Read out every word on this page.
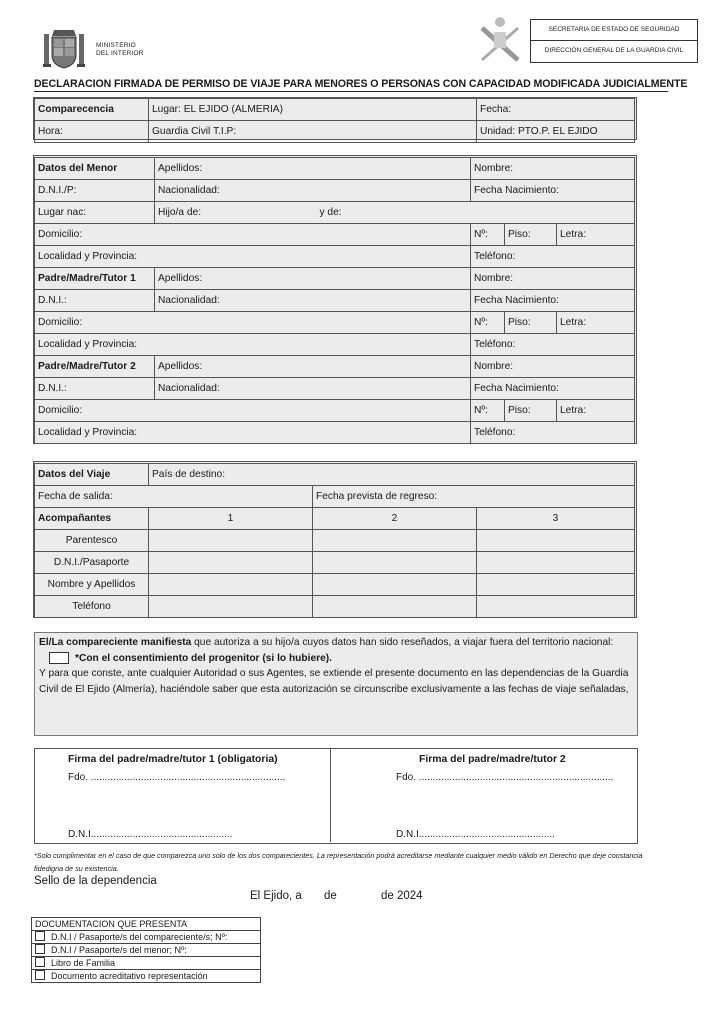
MINISTERIO
DEL INTERIOR
SECRETARIA DE ESTADO DE SEGURIDAD
DIRECCIÓN GENERAL DE LA GUARDIA CIVIL
DECLARACION FIRMADA DE PERMISO DE VIAJE PARA MENORES O PERSONAS CON CAPACIDAD MODIFICADA JUDICIALMENTE
Comparecencia	Lugar: EL EJIDO (ALMERIA)	Fecha:
Hora:	Guardia Civil T.I.P:	Unidad: PTO.P. EL EJIDO
Datos del Menor	Apellidos:		Nombre:		
D.N.I./P:	Nacionalidad:		Fecha Nacimiento:		
Lugar nac:	Hijo/a de:	y de:			
Domicilio:			Nº:	Piso:	Letra:
Localidad y Provincia:			Teléfono:		
Padre/Madre/Tutor 1	Apellidos:		Nombre:		
D.N.I.:	Nacionalidad:		Fecha Nacimiento:		
Domicilio:			Nº:	Piso:	Letra:
Localidad y Provincia:			Teléfono:		
Padre/Madre/Tutor 2	Apellidos:		Nombre:		
D.N.I.:	Nacionalidad:		Fecha Nacimiento:		
Domicilio:			Nº:	Piso:	Letra:
Localidad y Provincia:			Teléfono:		
Datos del Viaje	País de destino:		
Fecha de salida:		Fecha prevista de regreso:	
Acompañantes	1	2	3
Parentesco			
D.N.I./Pasaporte			
Nombre y Apellidos			
Teléfono			

El/La compareciente manifiesta que autoriza a su hijo/a cuyos datos han sido reseñados, a viajar fuera del territorio nacional:

*Con el consentimiento del progenitor (si lo hubiere).

Y para que conste, ante cualquier Autoridad o sus Agentes, se extiende el presente documento en las dependencias de la Guardia Civil de El Ejido (Almería), haciéndole saber que esta autorización se circunscribe exclusivamente a las fechas de viaje señaladas,

Firma del padre/madre/tutor 1 (obligatoria)	Firma del padre/madre/tutor 2
Fdo. ......................................................................	Fdo. ......................................................................
D.N.I...................................................	D.N.I.................................................
*Solo cumplimentar en el caso de que comparezca uno solo de los dos comparecientes. La representación podrá acreditarse mediante cualquier medio válido en Derecho que deje constancia fidedigna de su existencia.
Sello de la dependencia
El Ejido, a de	de 2024
DOCUMENTACION QUE PRESENTA
D.N.I / Pasaporte/s del compareciente/s; Nº:
D.N.I / Pasaporte/s del menor; Nº:
Libro de Familia
Documento acreditativo representación
